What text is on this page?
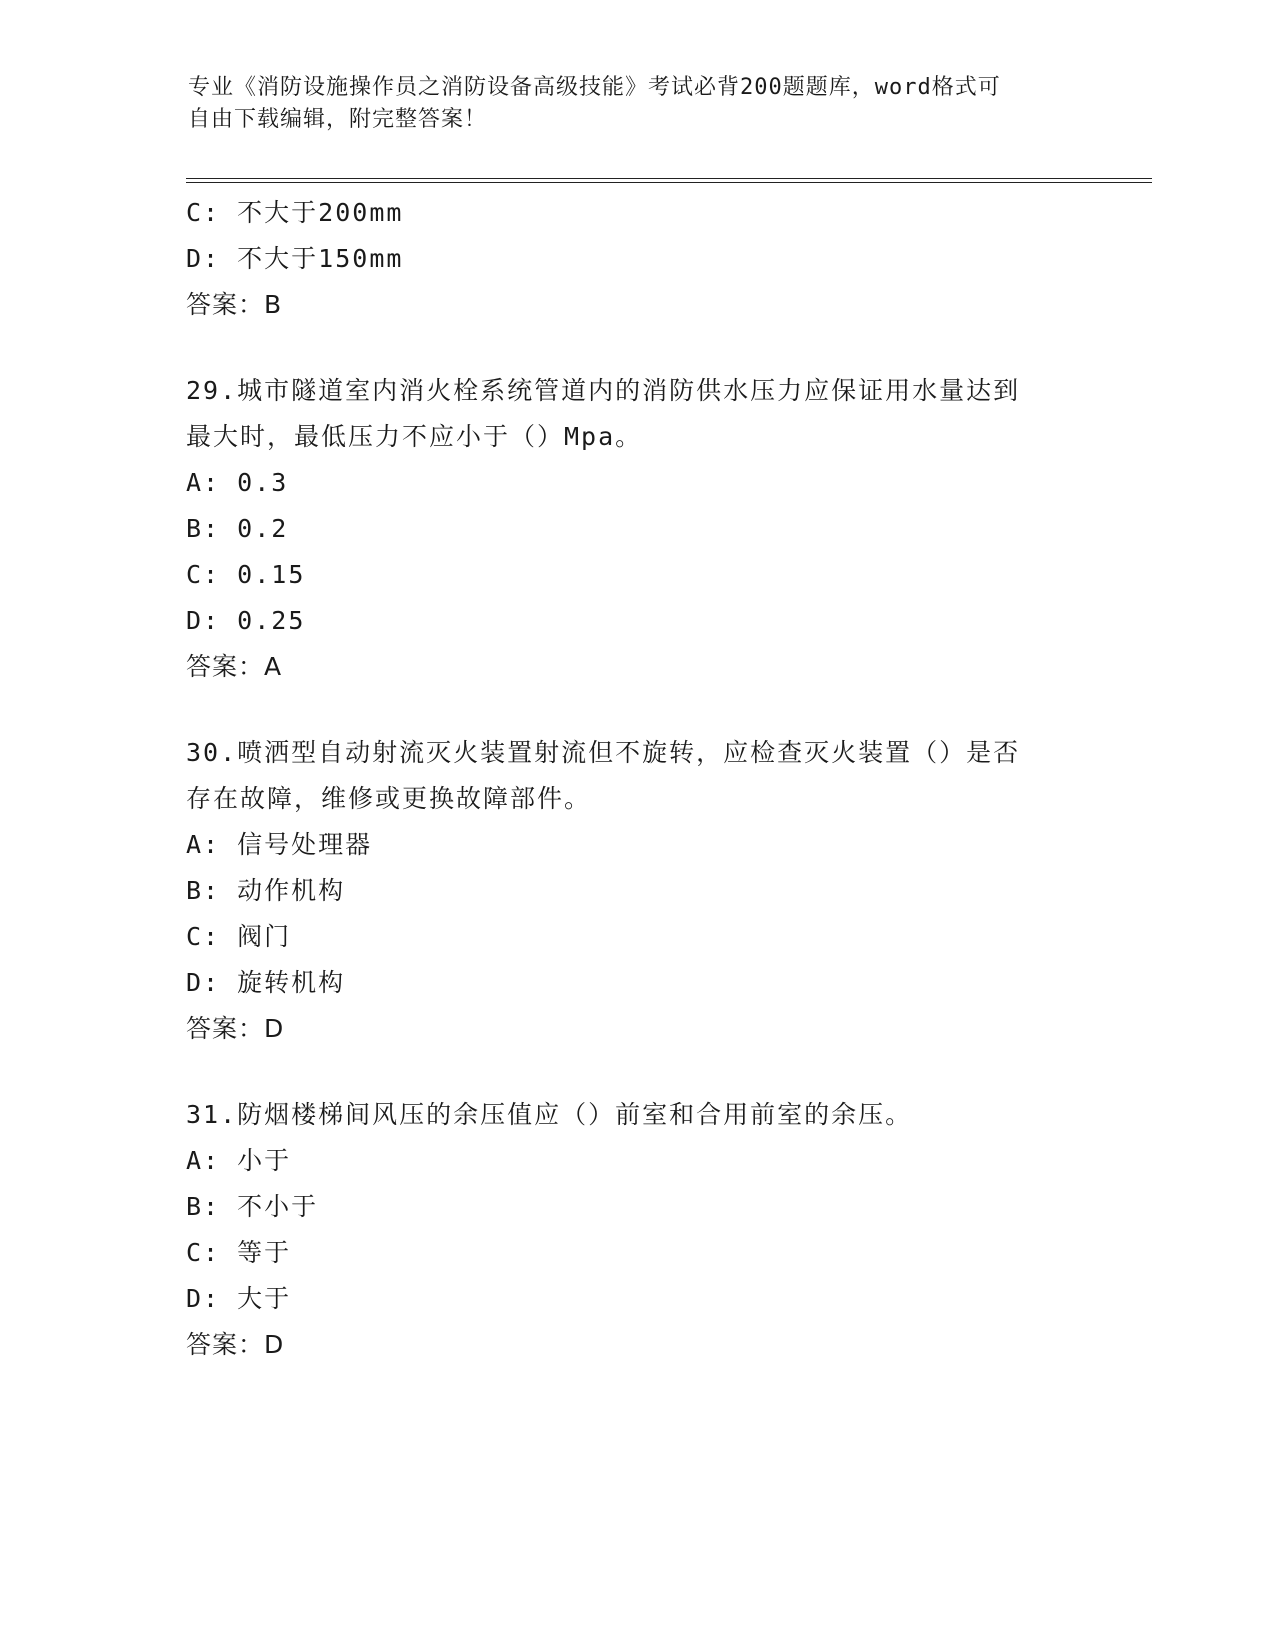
专业《消防设施操作员之消防设备高级技能》考试必背200题题库，word格式可
自由下载编辑，附完整答案！
C: 不大于200mm
D: 不大于150mm
答案：B
29.城市隧道室内消火栓系统管道内的消防供水压力应保证用水量达到
最大时，最低压力不应小于（）Mpa。
A: 0.3
B: 0.2
C: 0.15
D: 0.25
答案：A
30.喷洒型自动射流灭火装置射流但不旋转，应检查灭火装置（）是否
存在故障，维修或更换故障部件。
A: 信号处理器
B: 动作机构
C: 阀门
D: 旋转机构
答案：D
31.防烟楼梯间风压的余压值应（）前室和合用前室的余压。
A: 小于
B: 不小于
C: 等于
D: 大于
答案：D
